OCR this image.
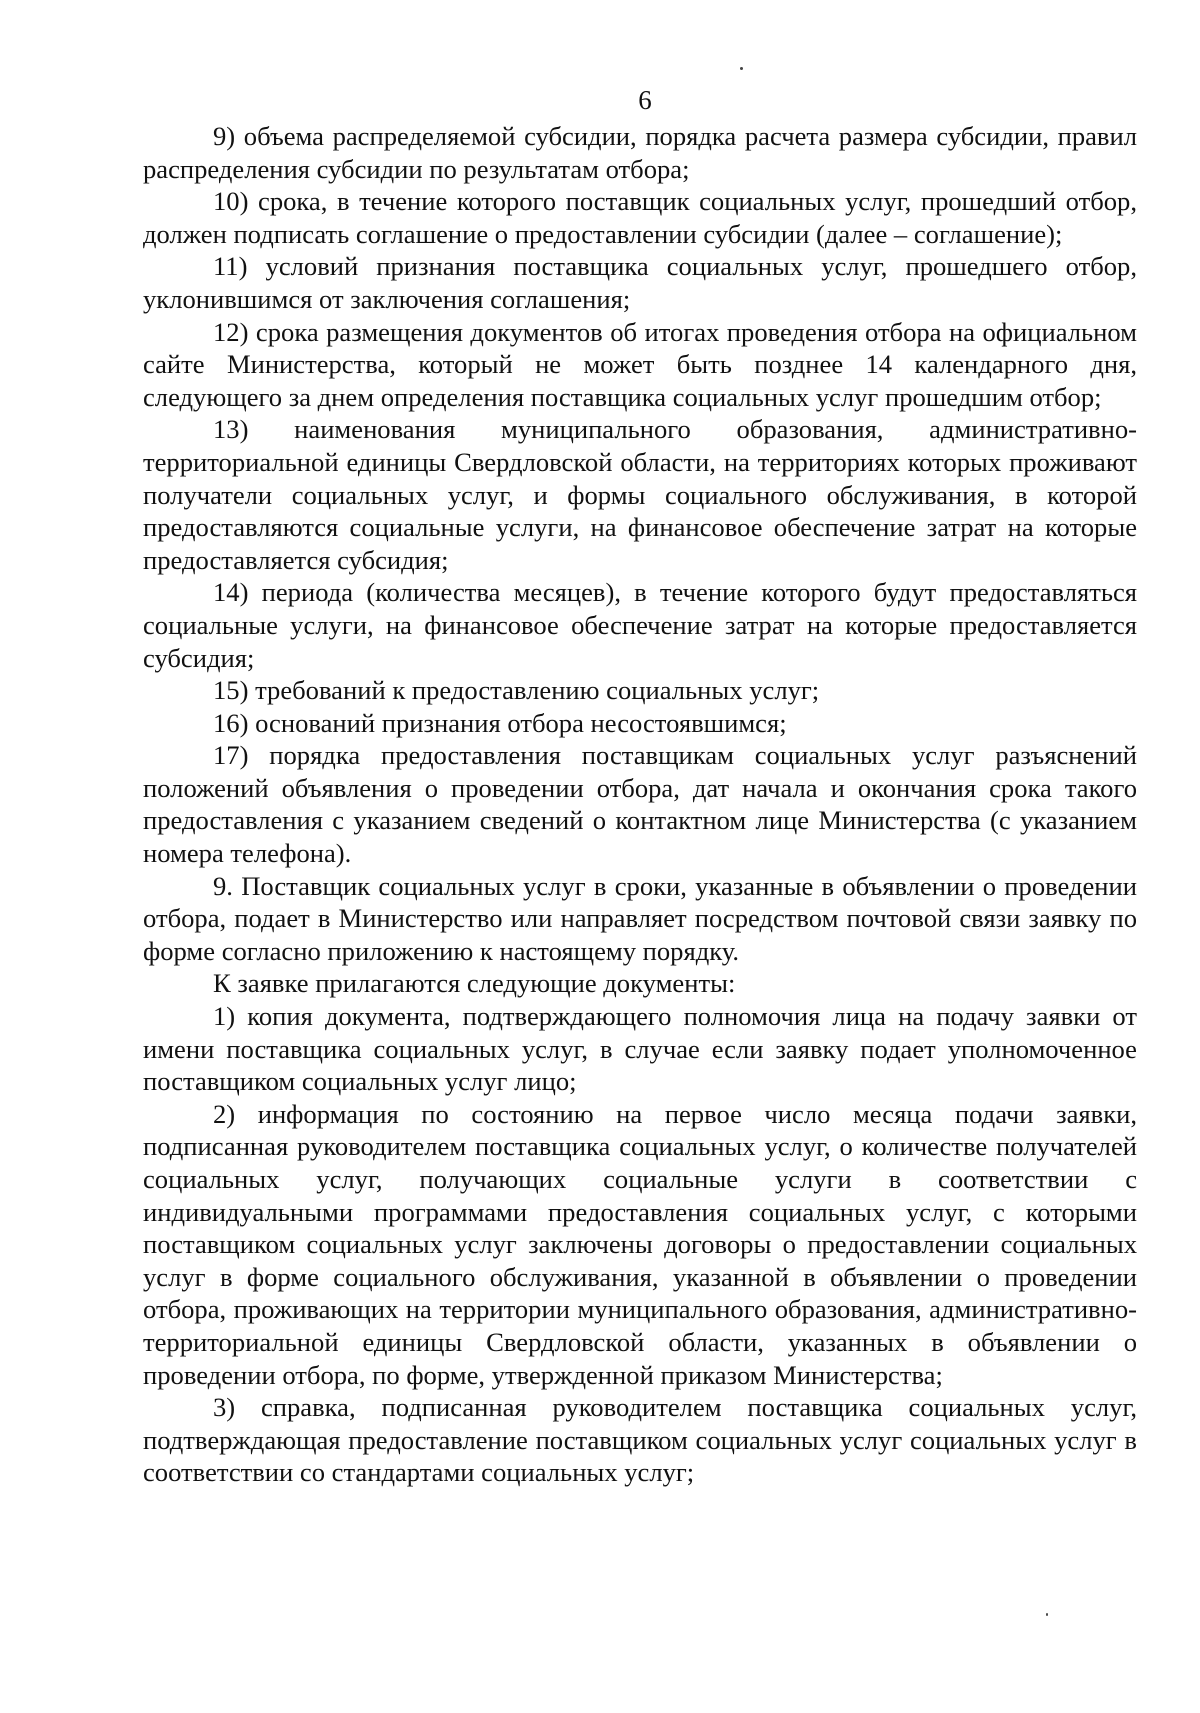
6

9) объема распределяемой субсидии, порядка расчета размера субсидии, правил распределения субсидии по результатам отбора;

10) срока, в течение которого поставщик социальных услуг, прошедший отбор, должен подписать соглашение о предоставлении субсидии (далее – соглашение);

11) условий признания поставщика социальных услуг, прошедшего отбор, уклонившимся от заключения соглашения;

12) срока размещения документов об итогах проведения отбора на официальном сайте Министерства, который не может быть позднее 14 календарного дня, следующего за днем определения поставщика социальных услуг прошедшим отбор;

13) наименования муниципального образования, административно-территориальной единицы Свердловской области, на территориях которых проживают получатели социальных услуг, и формы социального обслуживания, в которой предоставляются социальные услуги, на финансовое обеспечение затрат на которые предоставляется субсидия;

14) периода (количества месяцев), в течение которого будут предоставляться социальные услуги, на финансовое обеспечение затрат на которые предоставляется субсидия;

15) требований к предоставлению социальных услуг;

16) оснований признания отбора несостоявшимся;

17) порядка предоставления поставщикам социальных услуг разъяснений положений объявления о проведении отбора, дат начала и окончания срока такого предоставления с указанием сведений о контактном лице Министерства (с указанием номера телефона).

9. Поставщик социальных услуг в сроки, указанные в объявлении о проведении отбора, подает в Министерство или направляет посредством почтовой связи заявку по форме согласно приложению к настоящему порядку.

К заявке прилагаются следующие документы:

1) копия документа, подтверждающего полномочия лица на подачу заявки от имени поставщика социальных услуг, в случае если заявку подает уполномоченное поставщиком социальных услуг лицо;

2) информация по состоянию на первое число месяца подачи заявки, подписанная руководителем поставщика социальных услуг, о количестве получателей социальных услуг, получающих социальные услуги в соответствии с индивидуальными программами предоставления социальных услуг, с которыми поставщиком социальных услуг заключены договоры о предоставлении социальных услуг в форме социального обслуживания, указанной в объявлении о проведении отбора, проживающих на территории муниципального образования, административно-территориальной единицы Свердловской области, указанных в объявлении о проведении отбора, по форме, утвержденной приказом Министерства;

3) справка, подписанная руководителем поставщика социальных услуг, подтверждающая предоставление поставщиком социальных услуг социальных услуг в соответствии со стандартами социальных услуг;
